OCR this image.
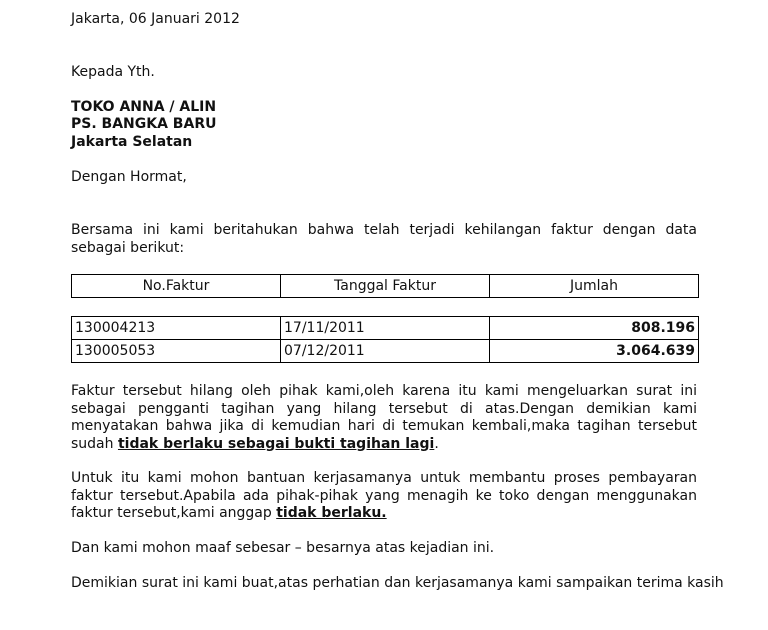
Jakarta, 06 Januari 2012
Kepada Yth.
TOKO ANNA / ALIN
PS. BANGKA BARU
Jakarta Selatan
Dengan Hormat,
Bersama ini kami beritahukan bahwa telah terjadi kehilangan faktur dengan data sebagai berikut:
No.Faktur	Tanggal Faktur	Jumlah
130004213	17/11/2011	808.196
130005053	07/12/2011	3.064.639
Faktur tersebut hilang oleh pihak kami,oleh karena itu kami mengeluarkan surat ini sebagai pengganti tagihan yang hilang tersebut di atas.Dengan demikian kami menyatakan bahwa jika di kemudian hari di temukan kembali,maka tagihan tersebut sudah tidak berlaku sebagai bukti tagihan lagi.
Untuk itu kami mohon bantuan kerjasamanya untuk membantu proses pembayaran faktur tersebut.Apabila ada pihak-pihak yang menagih ke toko dengan menggunakan faktur tersebut,kami anggap tidak berlaku.
Dan kami mohon maaf sebesar – besarnya atas kejadian ini.
Demikian surat ini kami buat,atas perhatian dan kerjasamanya kami sampaikan terima kasih
